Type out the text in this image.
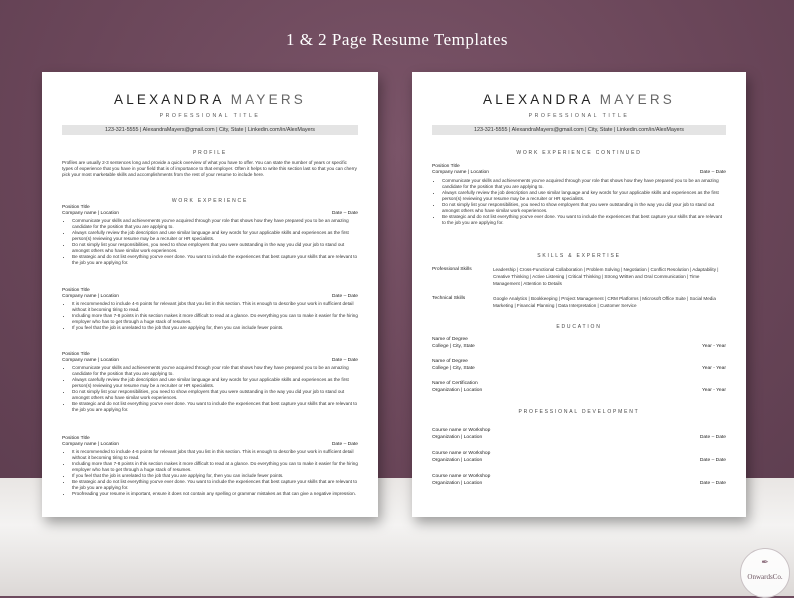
1 & 2 Page Resume Templates
ALEXANDRA MAYERS
PROFESSIONAL TITLE
123-321-5555 | AlexandraMayers@gmail.com | City, State | Linkedin.com/in/AlexMayers
PROFILE
Profiles are usually 2-3 sentences long and provide a quick overview of what you have to offer. You can state the number of years or specific types of experience that you have in your field that is of importance to that employer. Often it helps to write this section last so that you can cherry pick your most marketable skills and accomplishments from the rest of your resume to include here.
WORK EXPERIENCE
Position Title
Company name | Location	Date – Date
• Communicate your skills and achievements you've acquired through your role that shows how they have prepared you to be an amazing candidate for the position that you are applying to.
• Always carefully review the job description and use similar language and key words for your applicable skills and experiences as the first person(s) reviewing your resume may be a recruiter or HR specialists.
• Do not simply list your responsibilities, you need to show employers that you were outstanding in the way you did your job to stand out amongst others who have similar work experiences.
• Be strategic and do not list everything you've ever done. You want to include the experiences that best capture your skills that are relevant to the job you are applying for.
Position Title
Company name | Location	Date – Date
• It is recommended to include 4-6 points for relevant jobs that you list in this section. This is enough to describe your work in sufficient detail without it becoming tiring to read.
• Including more than 7-8 points in this section makes it more difficult to read at a glance. Do everything you can to make it easier for the hiring employer who has to get through a huge stack of resumes.
• If you feel that the job is unrelated to the job that you are applying for, then you can include fewer points.
Position Title
Company name | Location	Date – Date
• Communicate your skills and achievements you've acquired through your role that shows how they have prepared you to be an amazing candidate for the position that you are applying to.
• Always carefully review the job description and use similar language and key words for your applicable skills and experiences as the first person(s) reviewing your resume may be a recruiter or HR specialists.
• Do not simply list your responsibilities, you need to show employers that you were outstanding in the way you did your job to stand out amongst others who have similar work experiences.
• Be strategic and do not list everything you've ever done. You want to include the experiences that best capture your skills that are relevant to the job you are applying for.
Position Title
Company name | Location	Date – Date
• It is recommended to include 4-6 points for relevant jobs that you list in this section. This is enough to describe your work in sufficient detail without it becoming tiring to read.
• Including more than 7-8 points in this section makes it more difficult to read at a glance. Do everything you can to make it easier for the hiring employer who has to get through a huge stack of resumes.
• If you feel that the job is unrelated to the job that you are applying for, then you can include fewer points.
• Be strategic and do not list everything you've ever done. You want to include the experiences that best capture your skills that are relevant to the job you are applying for.
• Proofreading your resume is important, ensure it does not contain any spelling or grammar mistakes as that can give a negative impression.
ALEXANDRA MAYERS
PROFESSIONAL TITLE
123-321-5555 | AlexandraMayers@gmail.com | City, State | Linkedin.com/in/AlexMayers
WORK EXPERIENCE CONTINUED
Position Title
Company name | Location	Date – Date
• Communicate your skills and achievements you've acquired through your role that shows how they have prepared you to be an amazing candidate for the position that you are applying to.
• Always carefully review the job description and use similar language and key words for your applicable skills and experiences as the first person(s) reviewing your resume may be a recruiter or HR specialists.
• Do not simply list your responsibilities, you need to show employers that you were outstanding in the way you did your job to stand out amongst others who have similar work experiences.
• Be strategic and do not list everything you've ever done. You want to include the experiences that best capture your skills that are relevant to the job you are applying for.
SKILLS & EXPERTISE
Professional Skills	Leadership | Cross-Functional Collaboration | Problem Solving | Negotiation | Conflict Resolution | Adaptability | Creative Thinking | Active Listening | Critical Thinking | Strong Written and Oral Communication | Time Management | Attention to Details
Technical Skills	Google Analytics | Bookkeeping | Project Management | CRM Platforms | Microsoft Office Suite | Social Media Marketing | Financial Planning | Data Interpretation | Customer Service
EDUCATION
Name of Degree
College | City, State	Year - Year
Name of Degree
College | City, State	Year - Year
Name of Certification
Organization | Location	Year - Year
PROFESSIONAL DEVELOPMENT
Course name or Workshop
Organization | Location	Date – Date
Course name or Workshop
Organization | Location	Date – Date
Course name or Workshop
Organization | Location	Date – Date
✒
OnwardsCo.
